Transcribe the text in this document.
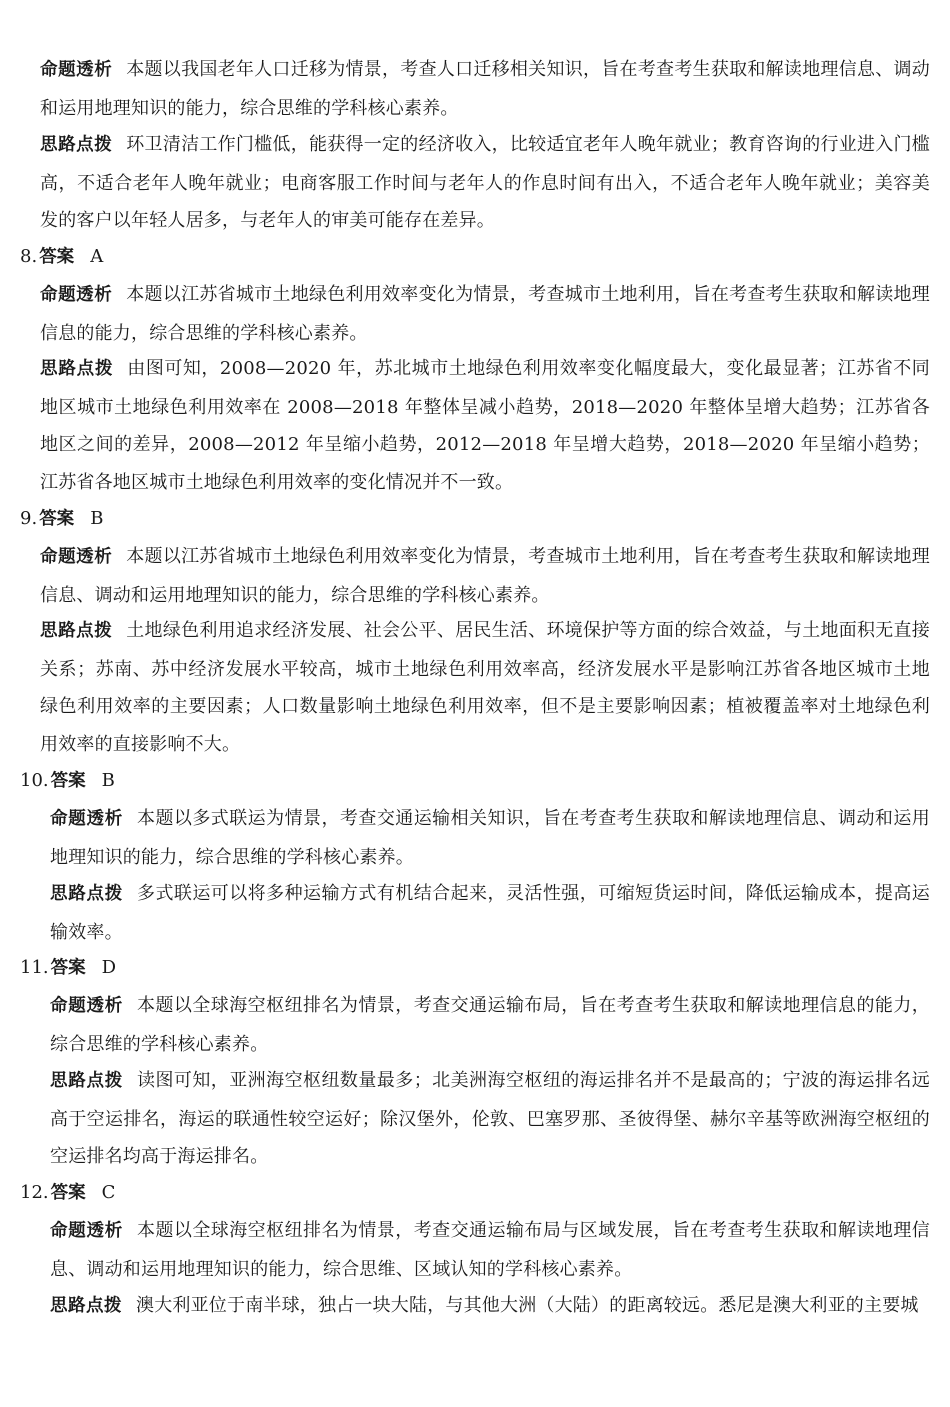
命题透析 本题以我国老年人口迁移为情景，考查人口迁移相关知识，旨在考查考生获取和解读地理信息、调动和运用地理知识的能力，综合思维的学科核心素养。
思路点拨 环卫清洁工作门槛低，能获得一定的经济收入，比较适宜老年人晚年就业；教育咨询的行业进入门槛高，不适合老年人晚年就业；电商客服工作时间与老年人的作息时间有出入，不适合老年人晚年就业；美容美发的客户以年轻人居多，与老年人的审美可能存在差异。
8. 答案 A
命题透析 本题以江苏省城市土地绿色利用效率变化为情景，考查城市土地利用，旨在考查考生获取和解读地理信息的能力，综合思维的学科核心素养。
思路点拨 由图可知，2008—2020 年，苏北城市土地绿色利用效率变化幅度最大，变化最显著；江苏省不同地区城市土地绿色利用效率在 2008—2018 年整体呈减小趋势，2018—2020 年整体呈增大趋势；江苏省各地区之间的差异，2008—2012 年呈缩小趋势，2012—2018 年呈增大趋势，2018—2020 年呈缩小趋势；江苏省各地区城市土地绿色利用效率的变化情况并不一致。
9. 答案 B
命题透析 本题以江苏省城市土地绿色利用效率变化为情景，考查城市土地利用，旨在考查考生获取和解读地理信息、调动和运用地理知识的能力，综合思维的学科核心素养。
思路点拨 土地绿色利用追求经济发展、社会公平、居民生活、环境保护等方面的综合效益，与土地面积无直接关系；苏南、苏中经济发展水平较高，城市土地绿色利用效率高，经济发展水平是影响江苏省各地区城市土地绿色利用效率的主要因素；人口数量影响土地绿色利用效率，但不是主要影响因素；植被覆盖率对土地绿色利用效率的直接影响不大。
10. 答案 B
命题透析 本题以多式联运为情景，考查交通运输相关知识，旨在考查考生获取和解读地理信息、调动和运用地理知识的能力，综合思维的学科核心素养。
思路点拨 多式联运可以将多种运输方式有机结合起来，灵活性强，可缩短货运时间，降低运输成本，提高运输效率。
11. 答案 D
命题透析 本题以全球海空枢纽排名为情景，考查交通运输布局，旨在考查考生获取和解读地理信息的能力，综合思维的学科核心素养。
思路点拨 读图可知，亚洲海空枢纽数量最多；北美洲海空枢纽的海运排名并不是最高的；宁波的海运排名远高于空运排名，海运的联通性较空运好；除汉堡外，伦敦、巴塞罗那、圣彼得堡、赫尔辛基等欧洲海空枢纽的空运排名均高于海运排名。
12. 答案 C
命题透析 本题以全球海空枢纽排名为情景，考查交通运输布局与区域发展，旨在考查考生获取和解读地理信息、调动和运用地理知识的能力，综合思维、区域认知的学科核心素养。
思路点拨 澳大利亚位于南半球，独占一块大陆，与其他大洲（大陆）的距离较远。悉尼是澳大利亚的主要城
